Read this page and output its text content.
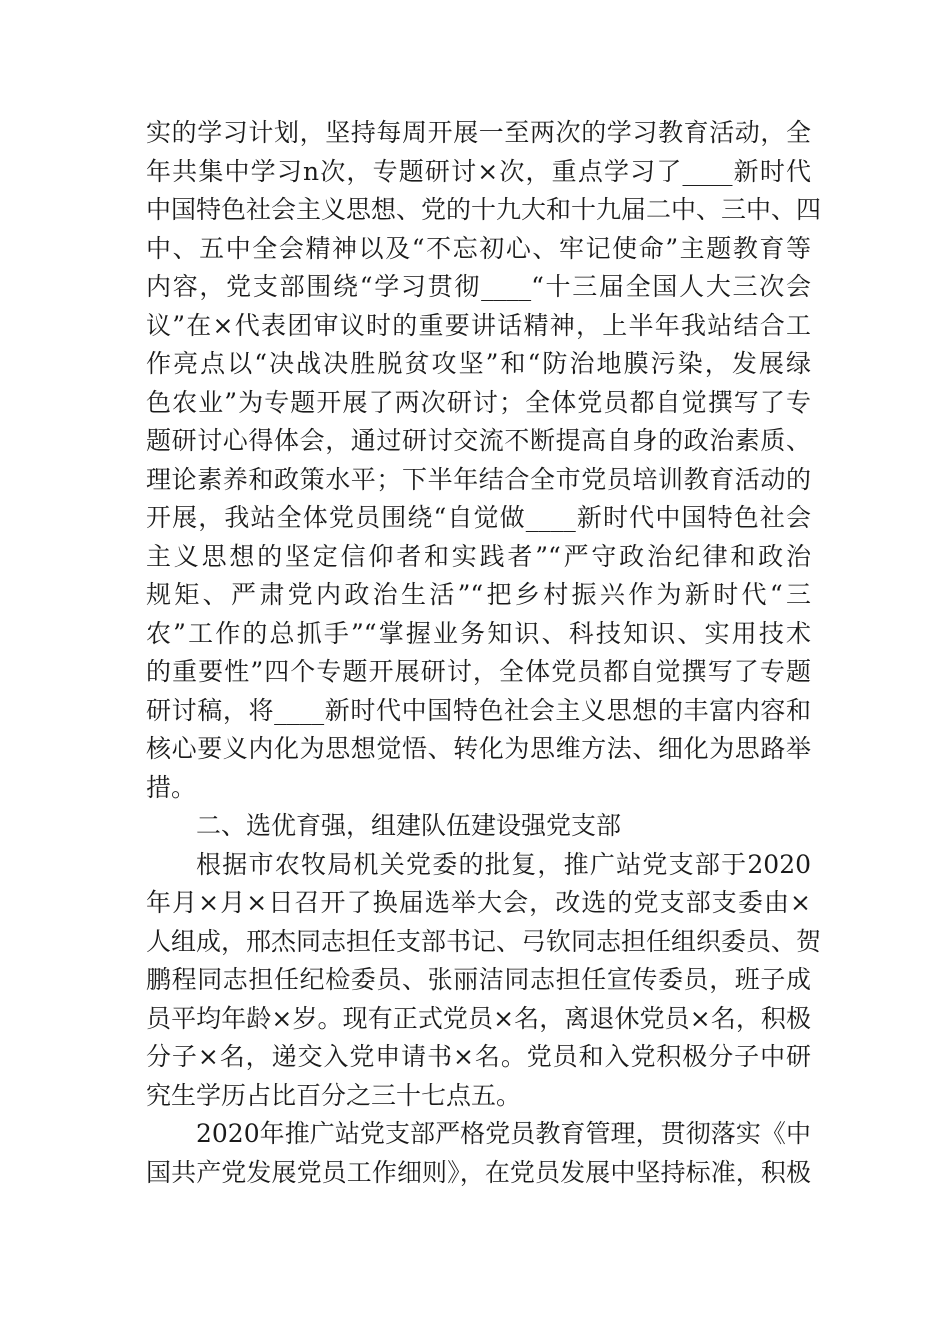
实的学习计划，坚持每周开展一至两次的学习教育活动，全
年共集中学习n次，专题研讨×次，重点学习了____新时代
中国特色社会主义思想、党的十九大和十九届二中、三中、四
中、五中全会精神以及“不忘初心、牢记使命”主题教育等
内容，党支部围绕“学习贯彻____“十三届全国人大三次会
议”在×代表团审议时的重要讲话精神，上半年我站结合工
作亮点以“决战决胜脱贫攻坚”和“防治地膜污染，发展绿
色农业”为专题开展了两次研讨；全体党员都自觉撰写了专
题研讨心得体会，通过研讨交流不断提高自身的政治素质、
理论素养和政策水平；下半年结合全市党员培训教育活动的
开展，我站全体党员围绕“自觉做____新时代中国特色社会
主义思想的坚定信仰者和实践者”“严守政治纪律和政治
规矩、严肃党内政治生活”“把乡村振兴作为新时代“三
农”工作的总抓手”“掌握业务知识、科技知识、实用技术
的重要性”四个专题开展研讨，全体党员都自觉撰写了专题
研讨稿，将____新时代中国特色社会主义思想的丰富内容和
核心要义内化为思想觉悟、转化为思维方法、细化为思路举
措。
二、选优育强，组建队伍建设强党支部
根据市农牧局机关党委的批复，推广站党支部于2020
年月×月×日召开了换届选举大会，改选的党支部支委由×
人组成，邢杰同志担任支部书记、弓钦同志担任组织委员、贺
鹏程同志担任纪检委员、张丽洁同志担任宣传委员，班子成
员平均年龄×岁。现有正式党员×名，离退休党员×名，积极
分子×名，递交入党申请书×名。党员和入党积极分子中研
究生学历占比百分之三十七点五。
2020年推广站党支部严格党员教育管理，贯彻落实《中
国共产党发展党员工作细则》，在党员发展中坚持标准，积极
